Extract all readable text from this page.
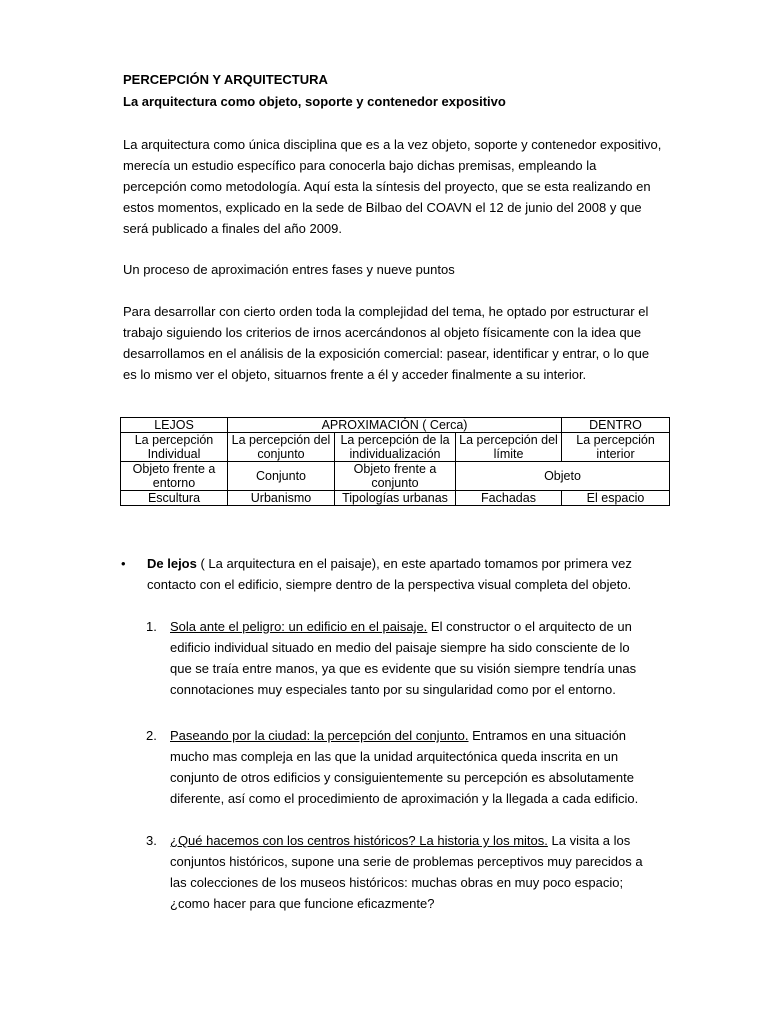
PERCEPCIÓN Y ARQUITECTURA
La arquitectura como objeto, soporte y contenedor expositivo
La arquitectura como única disciplina que es a la vez objeto, soporte y contenedor expositivo, merecía un estudio específico para conocerla bajo dichas premisas, empleando la percepción como metodología. Aquí esta la síntesis del proyecto, que se esta realizando en estos momentos, explicado en la sede de Bilbao del COAVN el 12 de junio del 2008 y que será publicado a finales del año 2009.
Un proceso de aproximación entres fases y nueve puntos
Para desarrollar con cierto orden toda la complejidad del tema, he optado por estructurar el trabajo siguiendo los criterios de irnos acercándonos al objeto físicamente con la idea que desarrollamos en el análisis de la exposición comercial: pasear, identificar y entrar, o lo que es lo mismo ver el objeto, situarnos frente a él y acceder finalmente a su interior.
LEJOS	APROXIMACIÓN ( Cerca)			DENTRO
La percepción Individual	La percepción del conjunto	La percepción de la individualización	La percepción del límite	La percepción interior
Objeto frente a entorno	Conjunto	Objeto frente a conjunto	Objeto	
Escultura	Urbanismo	Tipologías urbanas	Fachadas	El espacio
• De lejos ( La arquitectura en el paisaje), en este apartado tomamos por primera vez contacto con el edificio, siempre dentro de la perspectiva visual completa del objeto.
1. Sola ante el peligro: un edificio en el paisaje. El constructor o el arquitecto de un edificio individual situado en medio del paisaje siempre ha sido consciente de lo que se traía entre manos, ya que es evidente que su visión siempre tendría unas connotaciones muy especiales tanto por su singularidad como por el entorno.
2. Paseando por la ciudad: la percepción del conjunto. Entramos en una situación mucho mas compleja en las que la unidad arquitectónica queda inscrita en un conjunto de otros edificios y consiguientemente su percepción es absolutamente diferente, así como el procedimiento de aproximación y la llegada a cada edificio.
3. ¿Qué hacemos con los centros históricos? La historia y los mitos. La visita a los conjuntos históricos, supone una serie de problemas perceptivos muy parecidos a las colecciones de los museos históricos: muchas obras en muy poco espacio; ¿como hacer para que funcione eficazmente?
